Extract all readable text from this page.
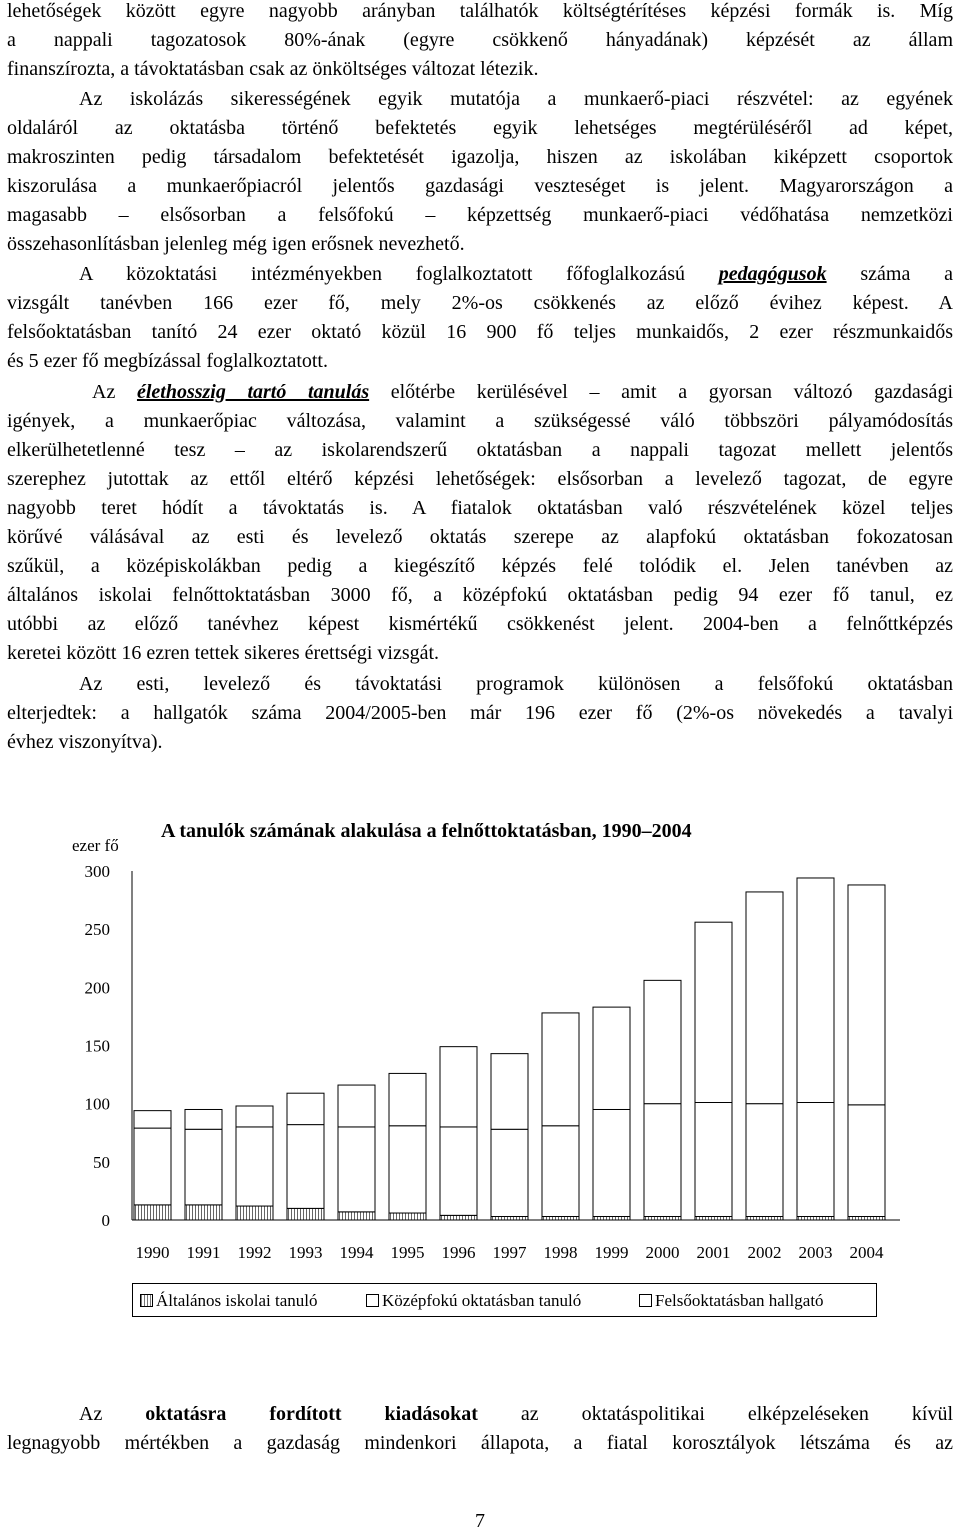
lehetőségek között egyre nagyobb arányban találhatók költségtérítéses képzési formák is. Míg
a nappali tagozatosok 80%-ának (egyre csökkenő hányadának) képzését az állam
finanszírozta, a távoktatásban csak az önköltséges változat létezik.
Az iskolázás sikerességének egyik mutatója a munkaerő-piaci részvétel: az egyének
oldaláról az oktatásba történő befektetés egyik lehetséges megtérüléséről ad képet,
makroszinten pedig társadalom befektetését igazolja, hiszen az iskolában kiképzett csoportok
kiszorulása a munkaerőpiacról jelentős gazdasági veszteséget is jelent. Magyarországon a
magasabb – elsősorban a felsőfokú – képzettség munkaerő-piaci védőhatása nemzetközi
összehasonlításban jelenleg még igen erősnek nevezhető.
A közoktatási intézményekben foglalkoztatott főfoglalkozású pedagógusok száma a
vizsgált tanévben 166 ezer fő, mely 2%-os csökkenés az előző évihez képest. A
felsőoktatásban tanító 24 ezer oktató közül 16 900 fő teljes munkaidős, 2 ezer részmunkaidős
és 5 ezer fő megbízással foglalkoztatott.
Az élethosszig tartó tanulás előtérbe kerülésével – amit a gyorsan változó gazdasági
igények, a munkaerőpiac változása, valamint a szükségessé váló többszöri pályamódosítás
elkerülhetetlenné tesz – az iskolarendszerű oktatásban a nappali tagozat mellett jelentős
szerephez jutottak az ettől eltérő képzési lehetőségek: elsősorban a levelező tagozat, de egyre
nagyobb teret hódít a távoktatás is. A fiatalok oktatásban való részvételének közel teljes
körűvé válásával az esti és levelező oktatás szerepe az alapfokú oktatásban fokozatosan
szűkül, a középiskolákban pedig a kiegészítő képzés felé tolódik el. Jelen tanévben az
általános iskolai felnőttoktatásban 3000 fő, a középfokú oktatásban pedig 94 ezer fő tanul, ez
utóbbi az előző tanévhez képest kismértékű csökkenést jelent. 2004-ben a felnőttképzés
keretei között 16 ezren tettek sikeres érettségi vizsgát.
Az esti, levelező és távoktatási programok különösen a felsőfokú oktatásban
elterjedtek: a hallgatók száma 2004/2005-ben már 196 ezer fő (2%-os növekedés a tavalyi
évhez viszonyítva).
A tanulók számának alakulása a felnőttoktatásban, 1990–2004
ezer fő
0
50
100
150
200
250
300
1990 1991 1992 1993 1994 1995 1996 1997 1998 1999 2000 2001 2002 2003 2004
Általános iskolai tanuló	Középfokú oktatásban tanuló	Felsőoktatásban hallgató
Az oktatásra fordított kiadásokat az oktatáspolitikai elképzeléseken kívül
legnagyobb mértékben a gazdaság mindenkori állapota, a fiatal korosztályok létszáma és az
7
